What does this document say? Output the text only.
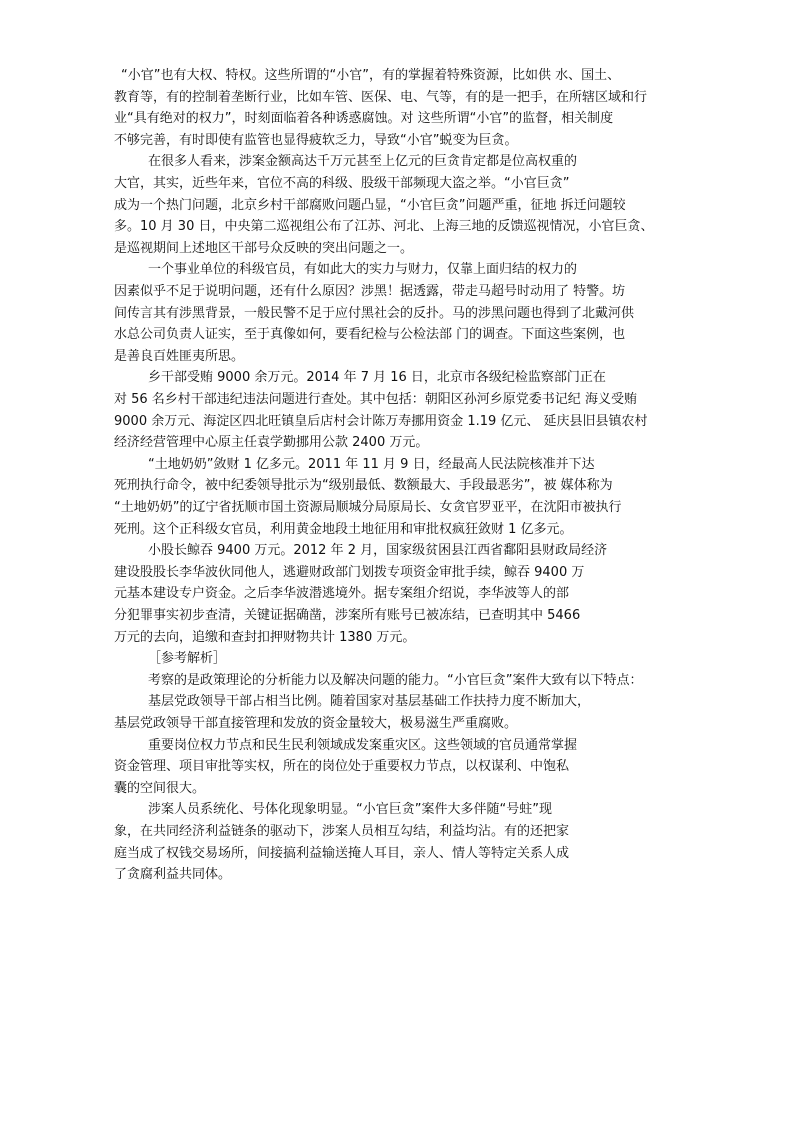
“小官”也有大权、特权。这些所谓的“小官”，有的掌握着特殊资源，比如供 水、国土、
教育等，有的控制着垄断行业，比如车管、医保、电、气等，有的是一把手，在所辖区域和行
业“具有绝对的权力”，时刻面临着各种诱惑腐蚀。对 这些所谓“小官”的监督，相关制度
不够完善，有时即使有监管也显得疲软乏力，导致“小官”蜕变为巨贪。
在很多人看来，涉案金额高达千万元甚至上亿元的巨贪肯定都是位高权重的
大官，其实，近些年来，官位不高的科级、股级干部频现大盗之举。“小官巨贪”
成为一个热门问题，北京乡村干部腐败问题凸显，“小官巨贪”问题严重，征地 拆迁问题较
多。10 月 30 日，中央第二巡视组公布了江苏、河北、上海三地的反馈巡视情况，小官巨贪、
是巡视期间上述地区干部号众反映的突出问题之一。
一个事业单位的科级官员，有如此大的实力与财力，仅靠上面归结的权力的
因素似乎不足于说明问题，还有什么原因？涉黑！据透露，带走马超号时动用了 特警。坊
间传言其有涉黑背景，一般民警不足于应付黑社会的反扑。马的涉黑问题也得到了北戴河供
水总公司负责人证实，至于真像如何，要看纪检与公检法部 门的调查。下面这些案例，也
是善良百姓匪夷所思。
乡干部受贿 9000 余万元。2014 年 7 月 16 日，北京市各级纪检监察部门正在
对 56 名乡村干部违纪违法问题进行查处。其中包括：朝阳区孙河乡原党委书记纪 海义受贿
9000 余万元、海淀区四北旺镇皇后店村会计陈万寿挪用资金 1.19 亿元、 延庆县旧县镇农村
经济经营管理中心原主任袁学勤挪用公款 2400 万元。
“土地奶奶”敛财 1 亿多元。2011 年 11 月 9 日，经最高人民法院核准并下达
死刑执行命令，被中纪委领导批示为“级别最低、数额最大、手段最恶劣”，被 媒体称为
“土地奶奶”的辽宁省抚顺市国土资源局顺城分局原局长、女贪官罗亚平，在沈阳市被执行
死刑。这个正科级女官员，利用黄金地段土地征用和审批权疯狂敛财 1 亿多元。
小股长鲸吞 9400 万元。2012 年 2 月，国家级贫困县江西省鄱阳县财政局经济
建设股股长李华波伙同他人，逃避财政部门划拨专项资金审批手续，鲸吞 9400 万
元基本建设专户资金。之后李华波潜逃境外。据专案组介绍说，李华波等人的部
分犯罪事实初步查清，关键证据确凿，涉案所有账号已被冻结，已查明其中 5466
万元的去向，追缴和查封扣押财物共计 1380 万元。
［参考解析］
考察的是政策理论的分析能力以及解决问题的能力。“小官巨贪”案件大致有以下特点：
基层党政领导干部占相当比例。随着国家对基层基础工作扶持力度不断加大，
基层党政领导干部直接管理和发放的资金量较大，极易滋生严重腐败。
重要岗位权力节点和民生民利领域成发案重灾区。这些领域的官员通常掌握
资金管理、项目审批等实权，所在的岗位处于重要权力节点，以权谋利、中饱私
囊的空间很大。
涉案人员系统化、号体化现象明显。“小官巨贪”案件大多伴随“号蛀”现
象，在共同经济利益链条的驱动下，涉案人员相互勾结，利益均沾。有的还把家
庭当成了权钱交易场所，间接搞利益输送掩人耳目，亲人、情人等特定关系人成
了贪腐利益共同体。
